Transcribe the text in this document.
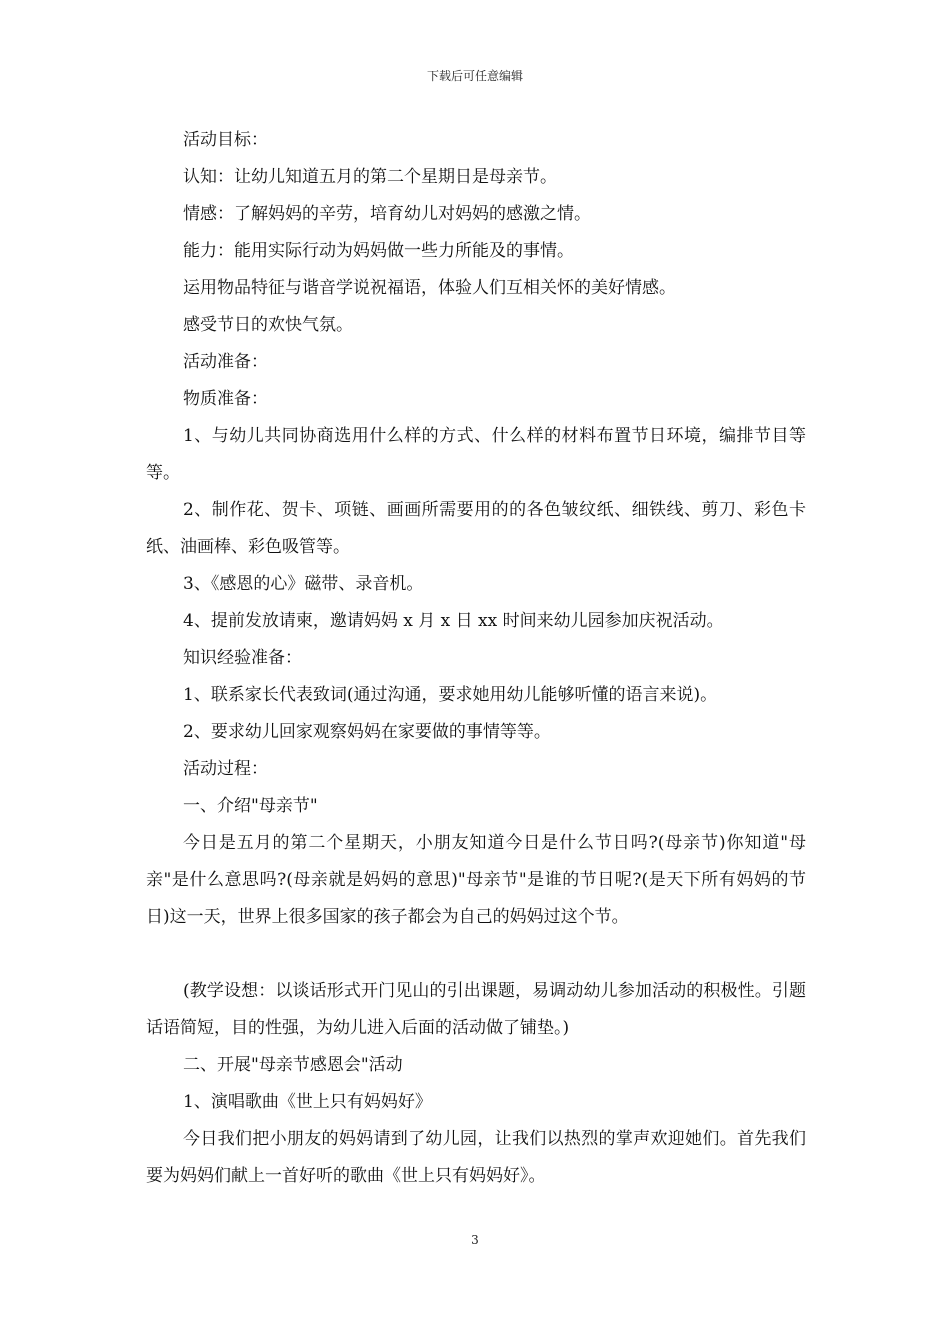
下载后可任意编辑

活动目标：

认知：让幼儿知道五月的第二个星期日是母亲节。

情感：了解妈妈的辛劳，培育幼儿对妈妈的感激之情。

能力：能用实际行动为妈妈做一些力所能及的事情。

运用物品特征与谐音学说祝福语，体验人们互相关怀的美好情感。

感受节日的欢快气氛。

活动准备：

物质准备：

1、与幼儿共同协商选用什么样的方式、什么样的材料布置节日环境，编排节目等等。

2、制作花、贺卡、项链、画画所需要用的的各色皱纹纸、细铁线、剪刀、彩色卡纸、油画棒、彩色吸管等。

3、《感恩的心》磁带、录音机。

4、提前发放请柬，邀请妈妈 x 月 x 日 xx 时间来幼儿园参加庆祝活动。

知识经验准备：

1、联系家长代表致词(通过沟通，要求她用幼儿能够听懂的语言来说)。

2、要求幼儿回家观察妈妈在家要做的事情等等。

活动过程：

一、介绍"母亲节"

今日是五月的第二个星期天，小朋友知道今日是什么节日吗?(母亲节)你知道"母亲"是什么意思吗?(母亲就是妈妈的意思)"母亲节"是谁的节日呢?(是天下所有妈妈的节日)这一天，世界上很多国家的孩子都会为自己的妈妈过这个节。

(教学设想：以谈话形式开门见山的引出课题，易调动幼儿参加活动的积极性。引题话语简短，目的性强，为幼儿进入后面的活动做了铺垫。)

二、开展"母亲节感恩会"活动

1、演唱歌曲《世上只有妈妈好》

今日我们把小朋友的妈妈请到了幼儿园，让我们以热烈的掌声欢迎她们。首先我们要为妈妈们献上一首好听的歌曲《世上只有妈妈好》。

3
